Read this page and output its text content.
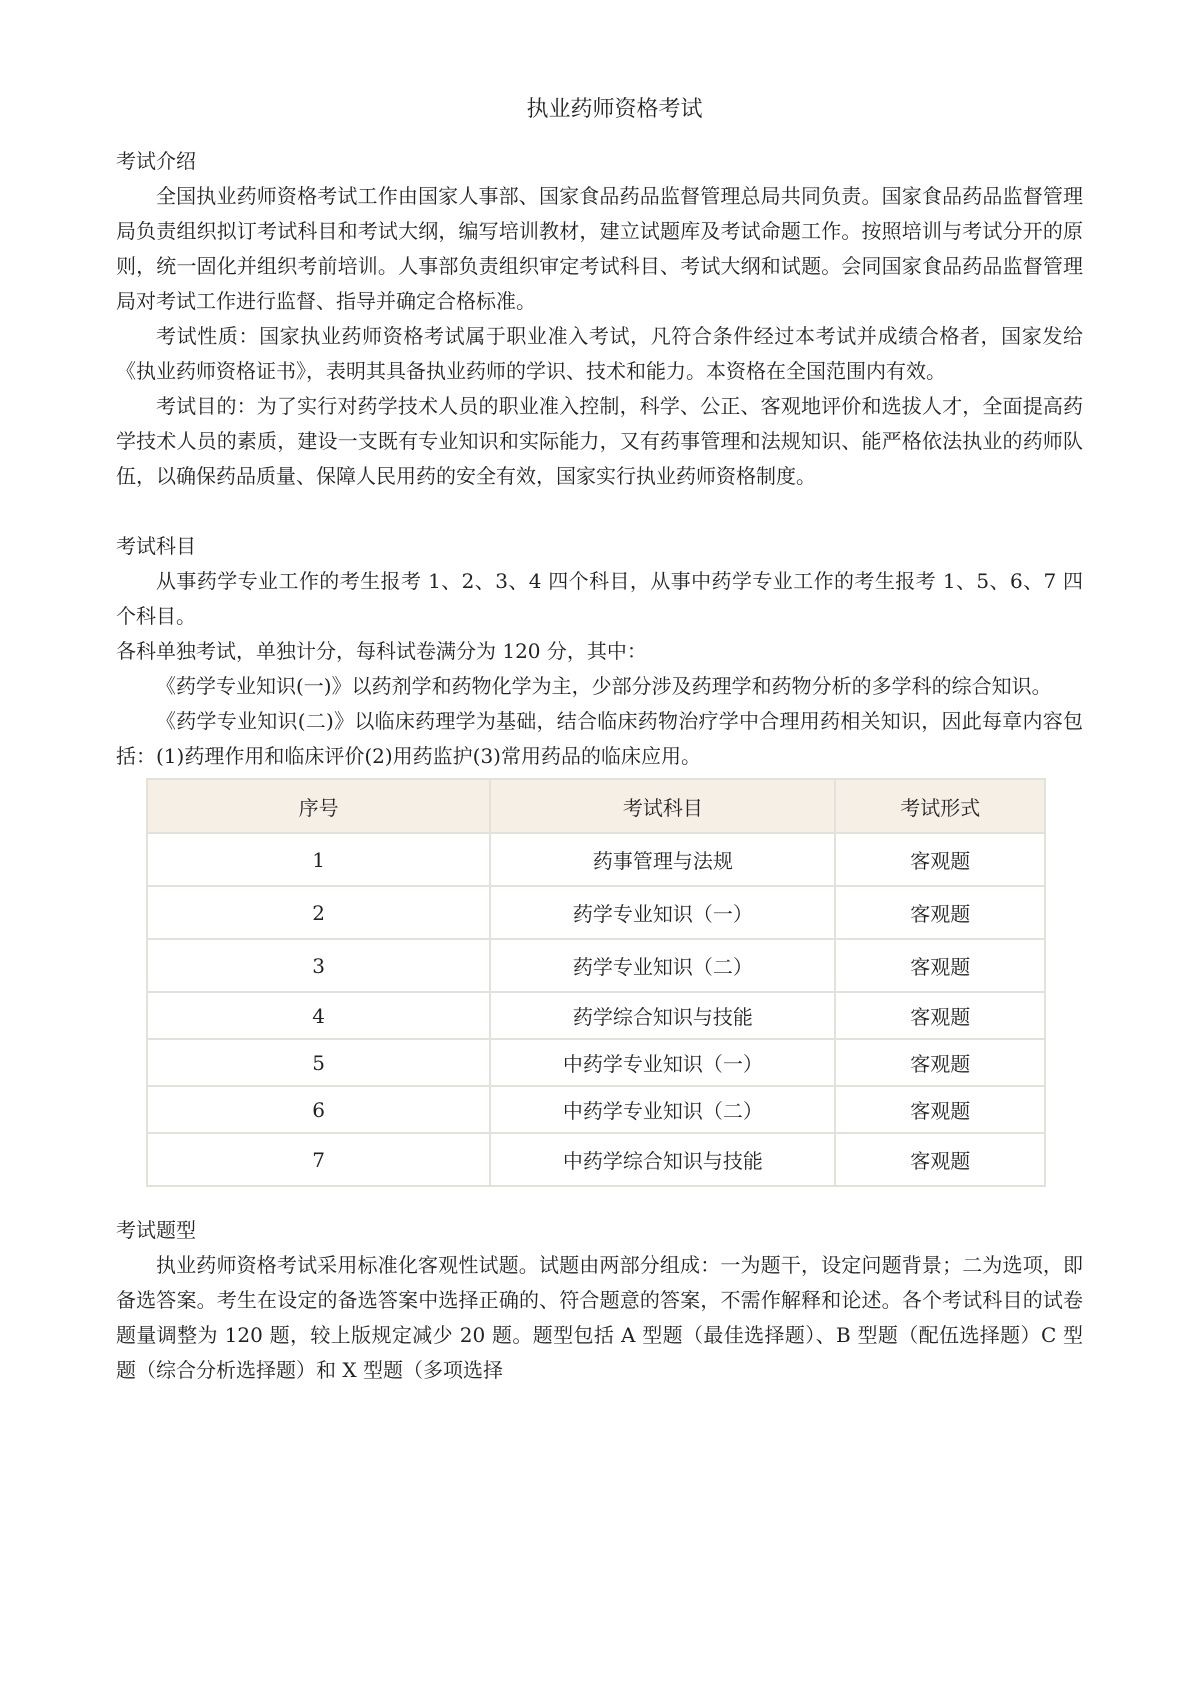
执业药师资格考试
考试介绍

全国执业药师资格考试工作由国家人事部、国家食品药品监督管理总局共同负责。国家食品药品监督管理局负责组织拟订考试科目和考试大纲，编写培训教材，建立试题库及考试命题工作。按照培训与考试分开的原则，统一固化并组织考前培训。人事部负责组织审定考试科目、考试大纲和试题。会同国家食品药品监督管理局对考试工作进行监督、指导并确定合格标准。

考试性质：国家执业药师资格考试属于职业准入考试，凡符合条件经过本考试并成绩合格者，国家发给《执业药师资格证书》，表明其具备执业药师的学识、技术和能力。本资格在全国范围内有效。

考试目的：为了实行对药学技术人员的职业准入控制，科学、公正、客观地评价和选拔人才，全面提高药学技术人员的素质，建设一支既有专业知识和实际能力，又有药事管理和法规知识、能严格依法执业的药师队伍，以确保药品质量、保障人民用药的安全有效，国家实行执业药师资格制度。

考试科目

从事药学专业工作的考生报考 1、2、3、4 四个科目，从事中药学专业工作的考生报考 1、5、6、7 四个科目。

各科单独考试，单独计分，每科试卷满分为 120 分，其中：

《药学专业知识(一)》以药剂学和药物化学为主，少部分涉及药理学和药物分析的多学科的综合知识。

《药学专业知识(二)》以临床药理学为基础，结合临床药物治疗学中合理用药相关知识，因此每章内容包括：(1)药理作用和临床评价(2)用药监护(3)常用药品的临床应用。

序号	考试科目	考试形式
1	药事管理与法规	客观题
2	药学专业知识（一）	客观题
3	药学专业知识（二）	客观题
4	药学综合知识与技能	客观题
5	中药学专业知识（一）	客观题
6	中药学专业知识（二）	客观题
7	中药学综合知识与技能	客观题
考试题型

执业药师资格考试采用标准化客观性试题。试题由两部分组成：一为题干，设定问题背景；二为选项，即备选答案。考生在设定的备选答案中选择正确的、符合题意的答案，不需作解释和论述。各个考试科目的试卷题量调整为 120 题，较上版规定减少 20 题。题型包括 A 型题（最佳选择题）、B 型题（配伍选择题）C 型题（综合分析选择题）和 X 型题（多项选择
